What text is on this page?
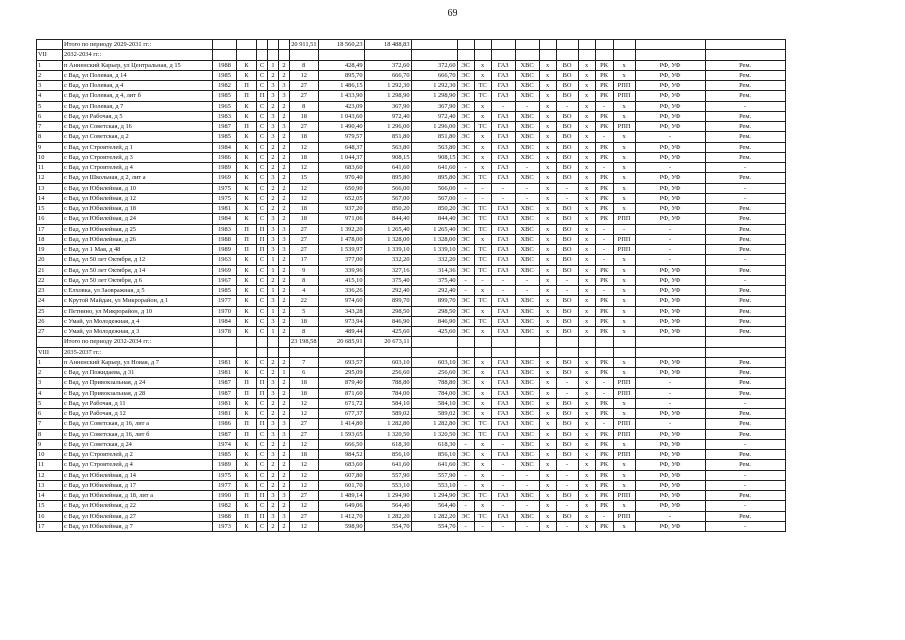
69
	Итого по периоду 2029-2031 гг.:						20 911,51	18 560,23	18 488,83												
VII	2032-2034 гг.:																				
1	п Анненский Карьер, ул Центральная, д 15	1988	К	С	1	2	8	428,49	372,60	372,60	ЭС	х	ГАЗ	ХВС	х	ВО	х	РК	х	РФ, УФ	Рем.
2	с Вад, ул Полевая, д 14	1985	К	С	2	2	12	895,70	666,70	666,70	ЭС	х	ГАЗ	ХВС	х	ВО	х	РК	х	РФ, УФ	Рем.
3	с Вад, ул Полевая, д 4	1982	П	С	3	3	27	1 486,15	1 292,30	1 292,30	ЭС	ТС	ГАЗ	ХВС	х	ВО	х	РК	РПП	РФ, УФ	Рем.
4	с Вад, ул Полевая, д 4, лит б	1985	П	П	3	3	27	1 433,90	1 298,90	1 298,90	ЭС	ТС	ГАЗ	ХВС	х	ВО	х	РК	РПП	РФ, УФ	Рем.
5	с Вад, ул Полевая, д 7	1965	К	С	2	2	8	423,09	367,90	367,90	ЭС	х	-	-	х	-	х	-	х	РФ, УФ	-
6	с Вад, ул Рабочая, д 5	1983	К	С	3	2	18	1 043,60	972,40	972,40	ЭС	х	ГАЗ	ХВС	х	ВО	х	РК	х	РФ, УФ	Рем.
7	с Вад, ул Советская, д 16	1987	П	С	3	3	27	1 490,40	1 296,00	1 296,00	ЭС	ТС	ГАЗ	ХВС	х	ВО	х	РК	РПП	РФ, УФ	Рем.
8	с Вад, ул Советская, д 2	1985	К	С	3	2	18	979,57	851,80	851,80	ЭС	х	ГАЗ	ХВС	х	ВО	х	-	х	-	Рем.
9	с Вад, ул Строителей, д 1	1984	К	С	2	2	12	648,37	563,80	563,80	ЭС	х	ГАЗ	ХВС	х	ВО	х	РК	х	РФ, УФ	Рем.
10	с Вад, ул Строителей, д 3	1986	К	С	2	2	18	1 044,37	908,15	908,15	ЭС	х	ГАЗ	ХВС	х	ВО	х	РК	х	РФ, УФ	Рем.
11	с Вад, ул Строителей, д 4	1989	К	С	2	2	12	683,60	641,60	641,60	-	х	ГАЗ	-	х	ВО	х	-	х	-	-
12	с Вад, ул Школьная, д 2, лит а	1969	К	С	3	2	15	970,40	895,80	895,80	ЭС	ТС	ГАЗ	ХВС	х	ВО	х	РК	х	РФ, УФ	Рем.
13	с Вад, ул Юбилейная, д 10	1975	К	С	2	2	12	650,90	566,00	566,00	-	-	-	-	х	-	х	РК	х	РФ, УФ	-
14	с Вад, ул Юбилейная, д 12	1975	К	С	2	2	12	652,05	567,00	567,00	-	-	-	-	х	-	х	РК	х	РФ, УФ	-
15	с Вад, ул Юбилейная, д 18	1981	К	С	2	2	18	937,20	850,20	850,20	ЭС	ТС	ГАЗ	ХВС	х	ВО	х	РК	х	РФ, УФ	Рем.
16	с Вад, ул Юбилейная, д 24	1984	К	С	3	2	18	971,06	844,40	844,40	ЭС	ТС	ГАЗ	ХВС	х	ВО	х	РК	РПП	РФ, УФ	Рем.
17	с Вад, ул Юбилейная, д 25	1983	П	П	3	3	27	1 392,20	1 265,40	1 265,40	ЭС	ТС	ГАЗ	ХВС	х	ВО	х	-	-	-	Рем.
18	с Вад, ул Юбилейная, д 26	1988	П	П	3	3	27	1 478,00	1 328,00	1 328,00	ЭС	х	ГАЗ	ХВС	х	ВО	х	-	РПП	-	Рем.
19	с Вад, ул 1 Мая, д 48	1989	П	П	3	3	27	1 539,97	1 339,10	1 339,10	ЭС	ТС	ГАЗ	ХВС	х	ВО	х	-	РПП	-	Рем.
20	с Вад, ул 50 лет Октября, д 12	1963	К	С	1	2	17	377,00	332,20	332,20	ЭС	ТС	ГАЗ	ХВС	х	ВО	х	-	х	-	-
21	с Вад, ул 50 лет Октября, д 14	1969	К	С	1	2	9	339,96	327,16	314,36	ЭС	ТС	ГАЗ	ХВС	х	ВО	х	РК	х	РФ, УФ	Рем.
22	с Вад, ул 50 лет Октября, д 6	1967	К	С	2	2	8	415,10	375,40	375,40	-	-	-	-	х	-	х	РК	х	РФ, УФ	-
23	с Елховка, ул Заовражная, д 5	1985	К	С	1	2	4	336,26	292,40	292,40	-	х	-	-	х	-	х	-	х	РФ, УФ	Рем.
24	с Крутой Майдан, ул Микрорайон, д 1	1977	К	С	3	2	22	974,60	899,70	899,70	ЭС	ТС	ГАЗ	ХВС	х	ВО	х	РК	х	РФ, УФ	Рем.
25	с Петнино, ул Микрорайон, д 10	1970	К	С	1	2	5	343,28	298,50	298,50	ЭС	х	ГАЗ	ХВС	х	ВО	х	РК	х	РФ, УФ	Рем.
26	с Умай, ул Молодежная, д 4	1984	К	С	3	2	18	973,94	846,90	846,90	ЭС	ТС	ГАЗ	ХВС	х	ВО	х	РК	х	РФ, УФ	Рем.
27	с Умай, ул Молодежная, д 3	1978	К	С	1	2	8	489,44	425,60	425,60	ЭС	х	ГАЗ	ХВС	х	ВО	х	РК	х	РФ, УФ	Рем.
	Итого по периоду 2032-2034 гг.:						23 198,58	20 685,91	20 673,11												
VIII	2035-2037 гг.:																				
1	п Анненский Карьер, ул Новая, д 7	1981	К	С	2	2	7	693,57	603,10	603,10	ЭС	х	ГАЗ	ХВС	х	ВО	х	РК	х	РФ, УФ	Рем.
2	с Вад, ул Пожидаева, д 31	1981	К	С	2	1	6	295,09	256,60	256,60	ЭС	х	ГАЗ	ХВС	х	ВО	х	РК	х	РФ, УФ	Рем.
3	с Вад, ул Привокзальная, д 24	1987	П	П	3	2	18	879,40	788,80	788,80	ЭС	х	ГАЗ	ХВС	х	-	х	-	РПП	-	Рем.
4	с Вад, ул Привокзальная, д 28	1987	П	П	3	2	18	871,60	784,00	784,00	ЭС	х	ГАЗ	ХВС	х	-	х	-	РПП	-	Рем.
5	с Вад, ул Рабочая, д 11	1981	К	С	2	2	12	671,72	584,10	584,10	ЭС	х	ГАЗ	ХВС	х	ВО	х	РК	х	-	-
6	с Вад, ул Рабочая, д 12	1981	К	С	2	2	12	677,37	589,02	589,02	ЭС	х	ГАЗ	ХВС	х	ВО	х	РК	х	РФ, УФ	Рем.
7	с Вад, ул Советская, д 16, лит а	1986	П	П	3	3	27	1 414,80	1 282,80	1 282,80	ЭС	ТС	ГАЗ	ХВС	х	ВО	х	-	РПП	-	Рем.
8	с Вад, ул Советская, д 16, лит б	1987	П	С	3	3	27	1 593,65	1 320,50	1 320,50	ЭС	ТС	ГАЗ	ХВС	х	ВО	х	РК	РПП	РФ, УФ	Рем.
9	с Вад, ул Советская, д 24	1974	К	С	2	2	12	666,50	618,30	618,30	-	х	-	ХВС	х	ВО	х	РК	х	РФ, УФ	-
10	с Вад, ул Строителей, д 2	1985	К	С	3	2	18	984,52	856,10	856,10	ЭС	х	ГАЗ	ХВС	х	ВО	х	РК	РПП	РФ, УФ	Рем.
11	с Вад, ул Строителей, д 4	1989	К	С	2	2	12	683,60	641,60	641,60	ЭС	х	-	ХВС	х	-	х	РК	х	РФ, УФ	Рем.
12	с Вад, ул Юбилейная, д 14	1975	К	С	2	2	12	607,80	557,90	557,90	-	х	-	-	х	-	х	РК	х	РФ, УФ	-
13	с Вад, ул Юбилейная, д 17	1977	К	С	2	2	12	601,70	553,10	553,10	-	х	-	-	х	-	х	РК	х	РФ, УФ	-
14	с Вад, ул Юбилейная, д 18, лит а	1990	П	П	3	3	27	1 489,14	1 294,90	1 294,90	ЭС	ТС	ГАЗ	ХВС	х	ВО	х	РК	РПП	РФ, УФ	Рем.
15	с Вад, ул Юбилейная, д 22	1982	К	С	2	2	12	649,06	564,40	564,40	-	х	-	-	х	-	х	РК	х	РФ, УФ	-
16	с Вад, ул Юбилейная, д 27	1988	П	П	3	3	27	1 412,70	1 282,20	1 282,20	ЭС	ТС	ГАЗ	ХВС	х	ВО	х	-	РПП	-	Рем.
17	с Вад, ул Юбилейная, д 7	1973	К	С	2	2	12	598,90	554,70	554,70	-	-	-	-	х	-	х	РК	х	РФ, УФ	-
